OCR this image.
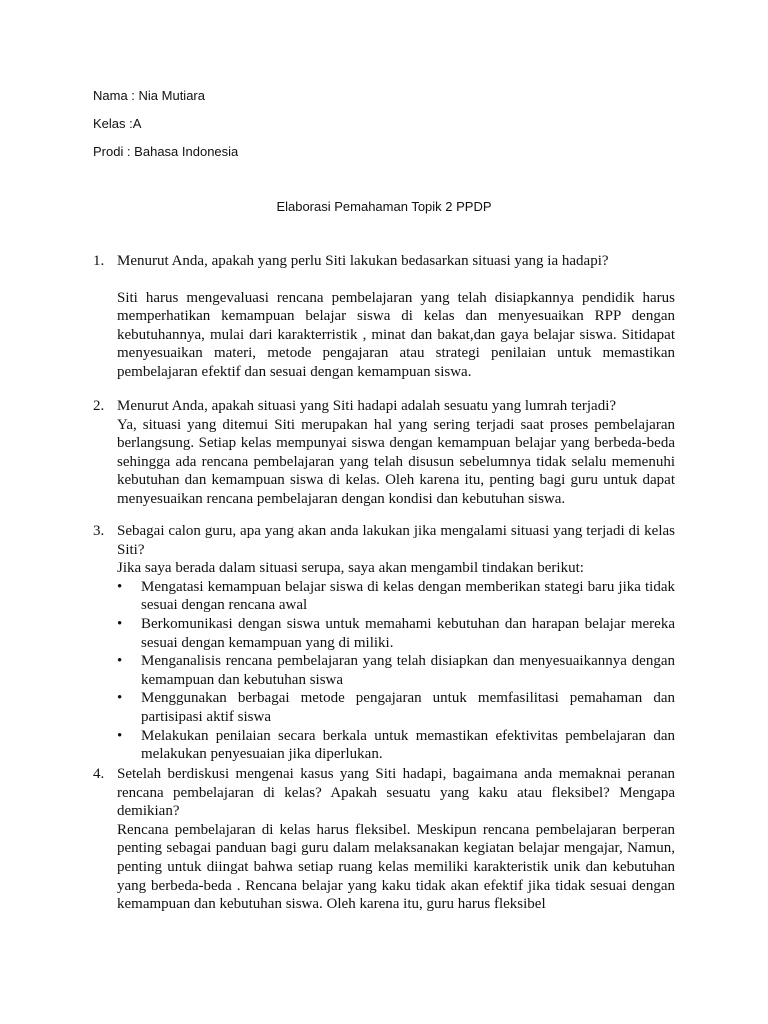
Nama : Nia Mutiara
Kelas :A
Prodi : Bahasa Indonesia
Elaborasi Pemahaman Topik 2 PPDP
1. Menurut Anda, apakah yang perlu Siti lakukan bedasarkan situasi yang ia hadapi?
Siti harus mengevaluasi rencana pembelajaran yang telah disiapkannya pendidik harus memperhatikan kemampuan belajar siswa di kelas dan menyesuaikan RPP dengan kebutuhannya, mulai dari karakterristik , minat dan bakat,dan gaya belajar siswa. Sitidapat menyesuaikan materi, metode pengajaran atau strategi penilaian untuk memastikan pembelajaran efektif dan sesuai dengan kemampuan siswa.
2. Menurut Anda, apakah situasi yang Siti hadapi adalah sesuatu yang lumrah terjadi?
Ya, situasi yang ditemui Siti merupakan hal yang sering terjadi saat proses pembelajaran berlangsung. Setiap kelas mempunyai siswa dengan kemampuan belajar yang berbeda-beda sehingga ada rencana pembelajaran yang telah disusun sebelumnya tidak selalu memenuhi kebutuhan dan kemampuan siswa di kelas. Oleh karena itu, penting bagi guru untuk dapat menyesuaikan rencana pembelajaran dengan kondisi dan kebutuhan siswa.
3. Sebagai calon guru, apa yang akan anda lakukan jika mengalami situasi yang terjadi di kelas Siti?
Jika saya berada dalam situasi serupa, saya akan mengambil tindakan berikut:
•	Mengatasi kemampuan belajar siswa di kelas dengan memberikan stategi baru jika tidak sesuai dengan rencana awal
•	Berkomunikasi dengan siswa untuk memahami kebutuhan dan harapan belajar mereka sesuai dengan kemampuan yang di miliki.
•	Menganalisis rencana pembelajaran yang telah disiapkan dan menyesuaikannya dengan kemampuan dan kebutuhan siswa
•	Menggunakan berbagai metode pengajaran untuk memfasilitasi pemahaman dan partisipasi aktif siswa
•	Melakukan penilaian secara berkala untuk memastikan efektivitas pembelajaran dan melakukan penyesuaian jika diperlukan.
4. Setelah berdiskusi mengenai kasus yang Siti hadapi, bagaimana anda memaknai peranan rencana pembelajaran di kelas? Apakah sesuatu yang kaku atau fleksibel? Mengapa demikian?
Rencana pembelajaran di kelas harus fleksibel. Meskipun rencana pembelajaran berperan penting sebagai panduan bagi guru dalam melaksanakan kegiatan belajar mengajar, Namun, penting untuk diingat bahwa setiap ruang kelas memiliki karakteristik unik dan kebutuhan yang berbeda-beda . Rencana belajar yang kaku tidak akan efektif jika tidak sesuai dengan kemampuan dan kebutuhan siswa. Oleh karena itu, guru harus fleksibel
